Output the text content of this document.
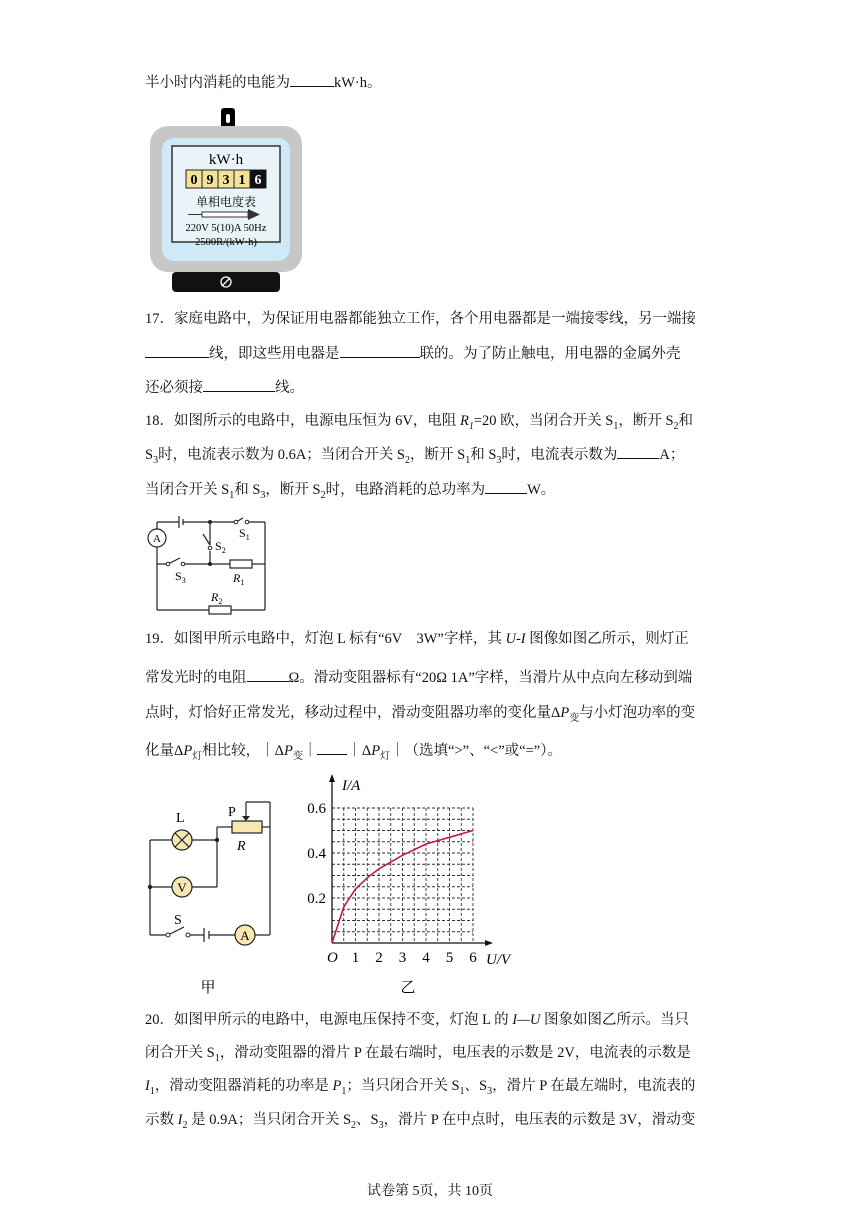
半小时内消耗的电能为	kW·h。
kW·h
0 9 3 1 6
单相电度表
220V 5(10)A 50Hz
2500R/(kW·h)
17．家庭电路中，为保证用电器都能独立工作，各个用电器都是一端接零线，另一端接
线，即这些用电器是	联的。为了防止触电，用电器的金属外壳
还必须接	线。
18．如图所示的电路中，电源电压恒为 6V，电阻 $R_1=20$ 欧，当闭合开关 $S_1$，断开 $S_2$和
$S_3$时，电流表示数为 0.6A；当闭合开关 $S_2$，断开 $S_1$和 $S_3$时，电流表示数为	A；
当闭合开关 $S_1$和 $S_3$，断开 $S_2$时，电路消耗的总功率为	W。
A	$S_1$
$S_2$
$S_3$	$R_1$
$R_2$
19．如图甲所示电路中，灯泡 L 标有“6V　3W”字样，其 U-I 图像如图乙所示，则灯正
常发光时的电阻	Ω。滑动变阻器标有“20Ω 1A”字样，当滑片从中点向左移动到端
点时，灯恰好正常发光，移动过程中，滑动变阻器功率的变化量$\Delta P_变$与小灯泡功率的变
化量$\Delta P_灯$相比较，$|\Delta P_变|$ $|\Delta P_灯|$（选填“>”、“<”或“=”）。
L	P
R
V
S
A
甲
1 2 3 4 5 6
0.2
0.4
0.6
I/A
U/V
O
乙
20．如图甲所示的电路中，电源电压保持不变，灯泡 L 的 I—U 图象如图乙所示。当只
闭合开关 $S_1$，滑动变阻器的滑片 P 在最右端时，电压表的示数是 2V，电流表的示数是
$I_1$，滑动变阻器消耗的功率是 $P_1$；当只闭合开关 $S_1$、$S_3$，滑片 P 在最左端时，电流表的
示数 $I_2$ 是 0.9A；当只闭合开关 $S_2$、$S_3$，滑片 P 在中点时，电压表的示数是 3V，滑动变
试卷第 5页，共 10页
